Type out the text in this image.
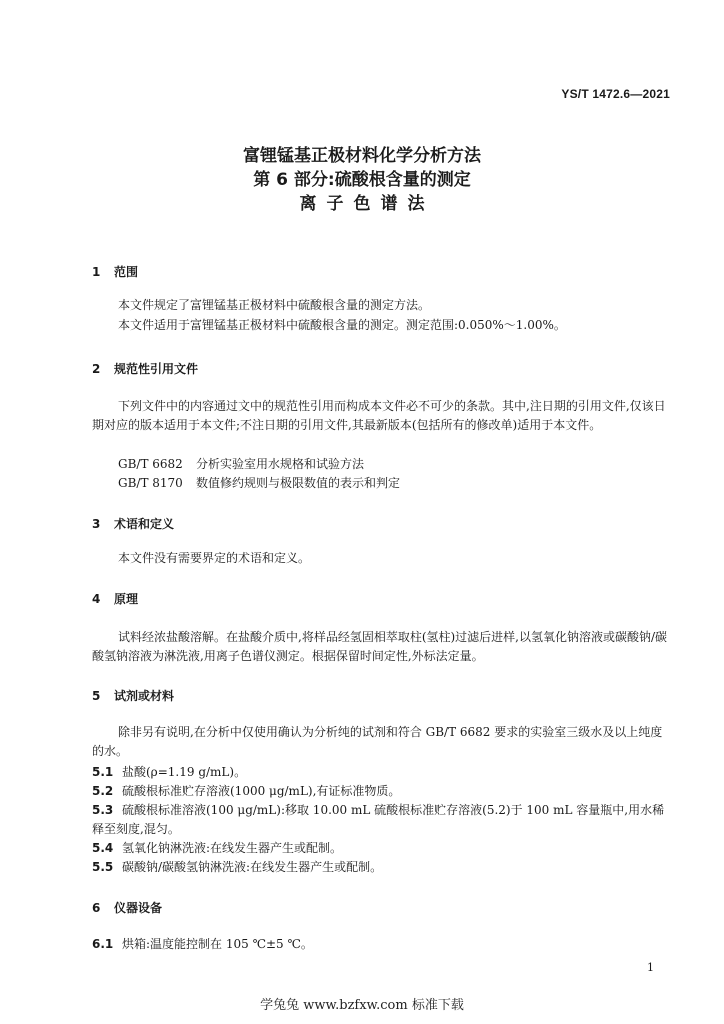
YS/T 1472.6—2021
富锂锰基正极材料化学分析方法
第 6 部分:硫酸根含量的测定
离子色谱法
1 范围
本文件规定了富锂锰基正极材料中硫酸根含量的测定方法。
本文件适用于富锂锰基正极材料中硫酸根含量的测定。测定范围:0.050%～1.00%。
2 规范性引用文件
下列文件中的内容通过文中的规范性引用而构成本文件必不可少的条款。其中,注日期的引用文件,仅该日期对应的版本适用于本文件;不注日期的引用文件,其最新版本(包括所有的修改单)适用于本文件。
GB/T 6682 分析实验室用水规格和试验方法
GB/T 8170 数值修约规则与极限数值的表示和判定
3 术语和定义
本文件没有需要界定的术语和定义。
4 原理
试料经浓盐酸溶解。在盐酸介质中,将样品经氢固相萃取柱(氢柱)过滤后进样,以氢氧化钠溶液或碳酸钠/碳酸氢钠溶液为淋洗液,用离子色谱仪测定。根据保留时间定性,外标法定量。
5 试剂或材料
除非另有说明,在分析中仅使用确认为分析纯的试剂和符合 GB/T 6682 要求的实验室三级水及以上纯度的水。
5.1 盐酸(ρ=1.19 g/mL)。
5.2 硫酸根标准贮存溶液(1000 μg/mL),有证标准物质。
5.3 硫酸根标准溶液(100 μg/mL):移取 10.00 mL 硫酸根标准贮存溶液(5.2)于 100 mL 容量瓶中,用水稀释至刻度,混匀。
5.4 氢氧化钠淋洗液:在线发生器产生或配制。
5.5 碳酸钠/碳酸氢钠淋洗液:在线发生器产生或配制。
6 仪器设备
6.1 烘箱:温度能控制在 105 ℃±5 ℃。
1
学兔兔 www.bzfxw.com 标准下载
